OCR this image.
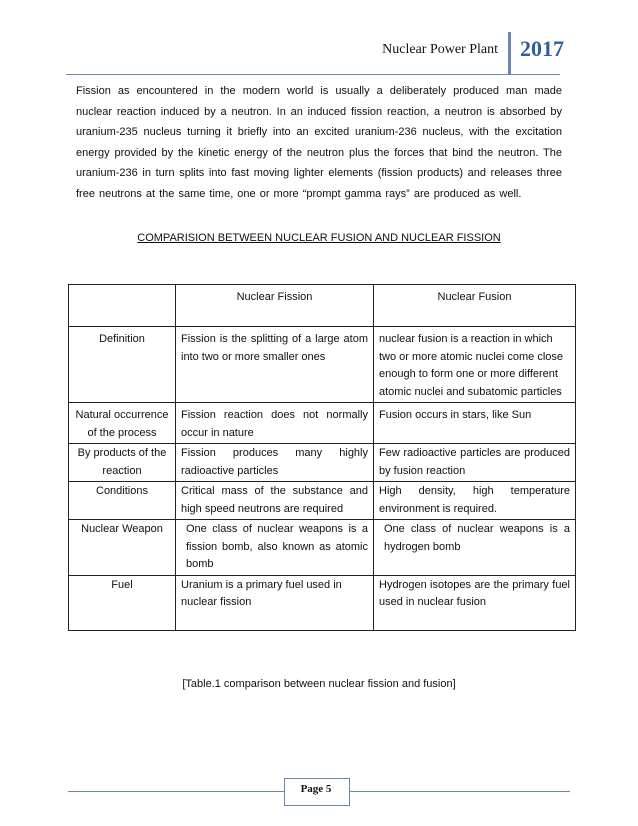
Nuclear Power Plant 2017

Fission as encountered in the modern world is usually a deliberately produced man made nuclear reaction induced by a neutron. In an induced fission reaction, a neutron is absorbed by uranium-235 nucleus turning it briefly into an excited uranium-236 nucleus, with the excitation energy provided by the kinetic energy of the neutron plus the forces that bind the neutron. The uranium-236 in turn splits into fast moving lighter elements (fission products) and releases three free neutrons at the same time, one or more “prompt gamma rays” are produced as well.

COMPARISION BETWEEN NUCLEAR FUSION AND NUCLEAR FISSION
	Nuclear Fission	Nuclear Fusion
Definition	Fission is the splitting of a large atom into two or more smaller ones	nuclear fusion is a reaction in which two or more atomic nuclei come close enough to form one or more different atomic nuclei and subatomic particles
Natural occurrence of the process	Fission reaction does not normally occur in nature	Fusion occurs in stars, like Sun
By products of the reaction	Fission produces many highly radioactive particles	Few radioactive particles are produced by fusion reaction
Conditions	Critical mass of the substance and high speed neutrons are required	High density, high temperature environment is required.
Nuclear Weapon	One class of nuclear weapons is a fission bomb, also known as atomic bomb	One class of nuclear weapons is a hydrogen bomb
Fuel	Uranium is a primary fuel used in nuclear fission	Hydrogen isotopes are the primary fuel used in nuclear fusion
[Table.1 comparison between nuclear fission and fusion]
Page 5
